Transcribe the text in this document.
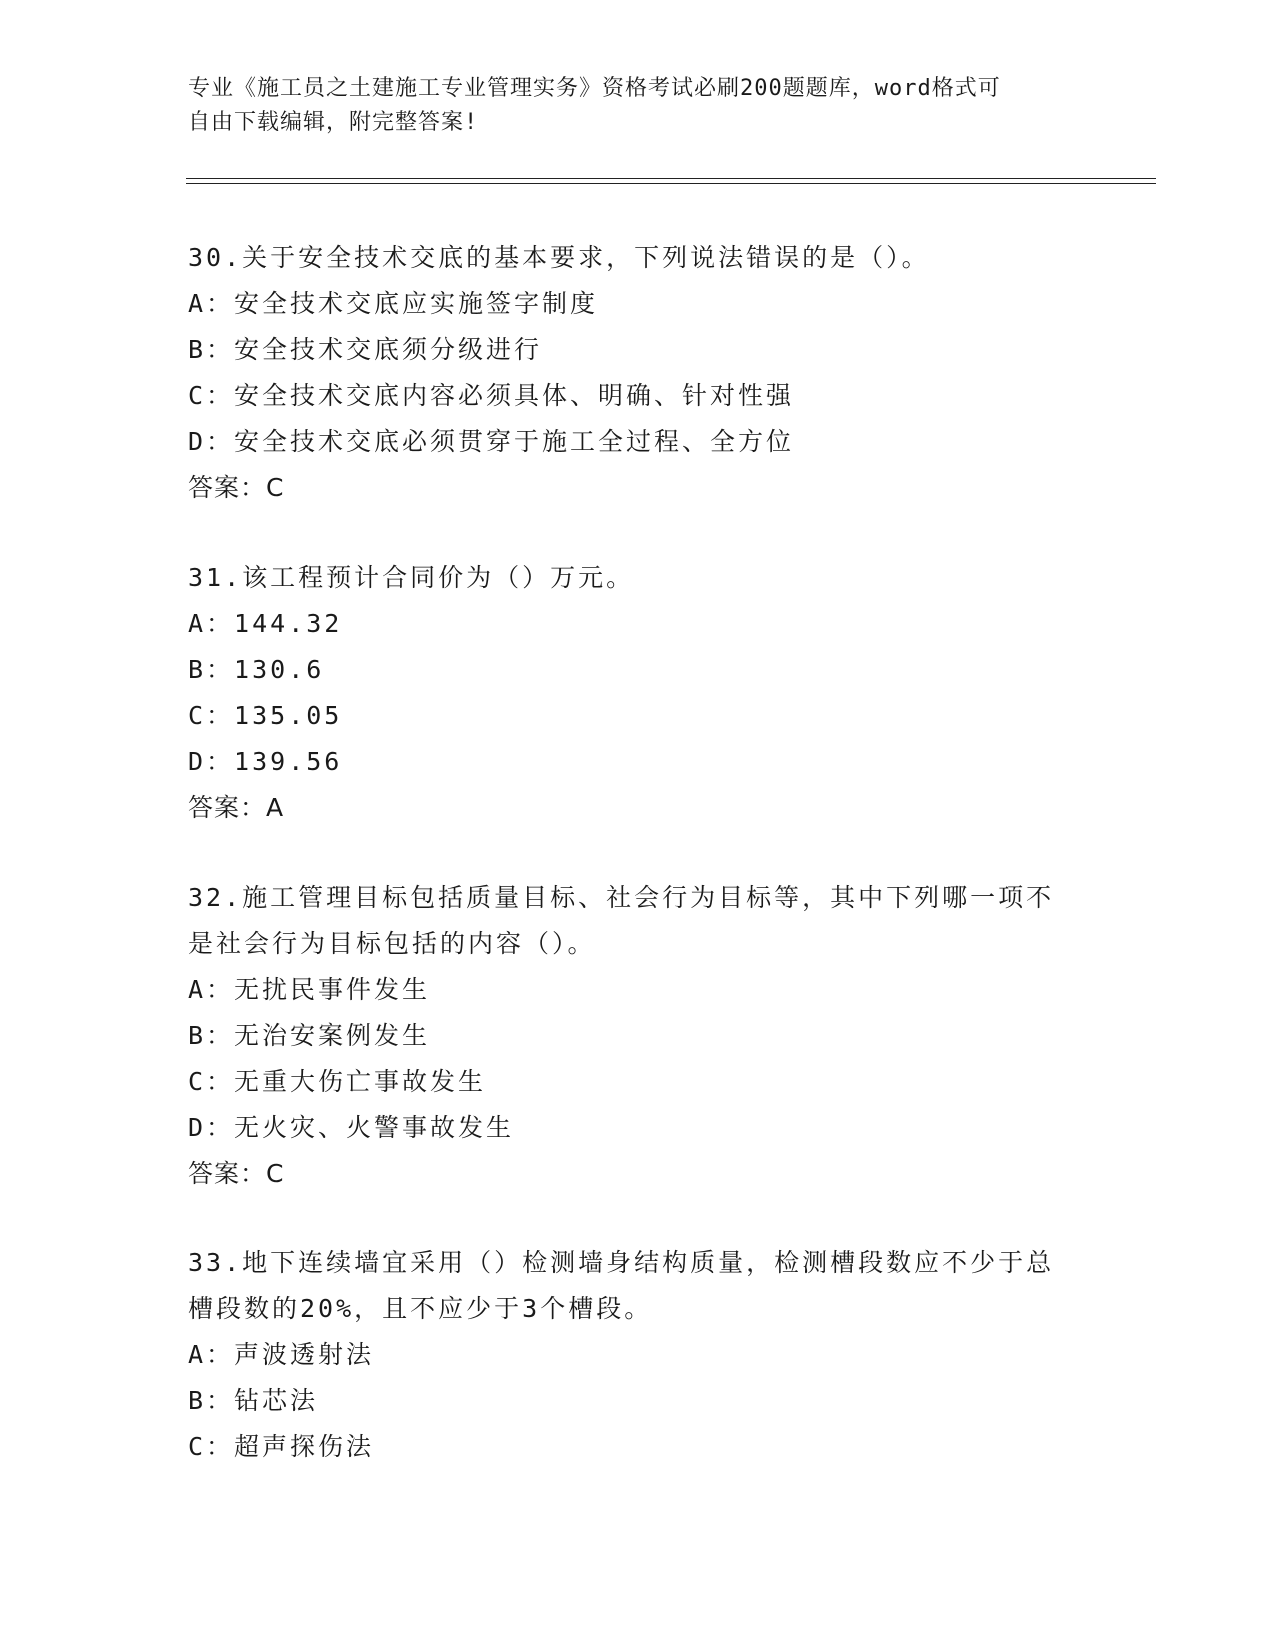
专业《施工员之土建施工专业管理实务》资格考试必刷200题题库，word格式可
自由下载编辑，附完整答案!
30.关于安全技术交底的基本要求，下列说法错误的是（）。
A：安全技术交底应实施签字制度
B：安全技术交底须分级进行
C：安全技术交底内容必须具体、明确、针对性强
D：安全技术交底必须贯穿于施工全过程、全方位
答案：C
31.该工程预计合同价为（）万元。
A：144.32
B：130.6
C：135.05
D：139.56
答案：A
32.施工管理目标包括质量目标、社会行为目标等，其中下列哪一项不
是社会行为目标包括的内容（）。
A：无扰民事件发生
B：无治安案例发生
C：无重大伤亡事故发生
D：无火灾、火警事故发生
答案：C
33.地下连续墙宜采用（）检测墙身结构质量，检测槽段数应不少于总
槽段数的20%，且不应少于3个槽段。
A：声波透射法
B：钻芯法
C：超声探伤法
